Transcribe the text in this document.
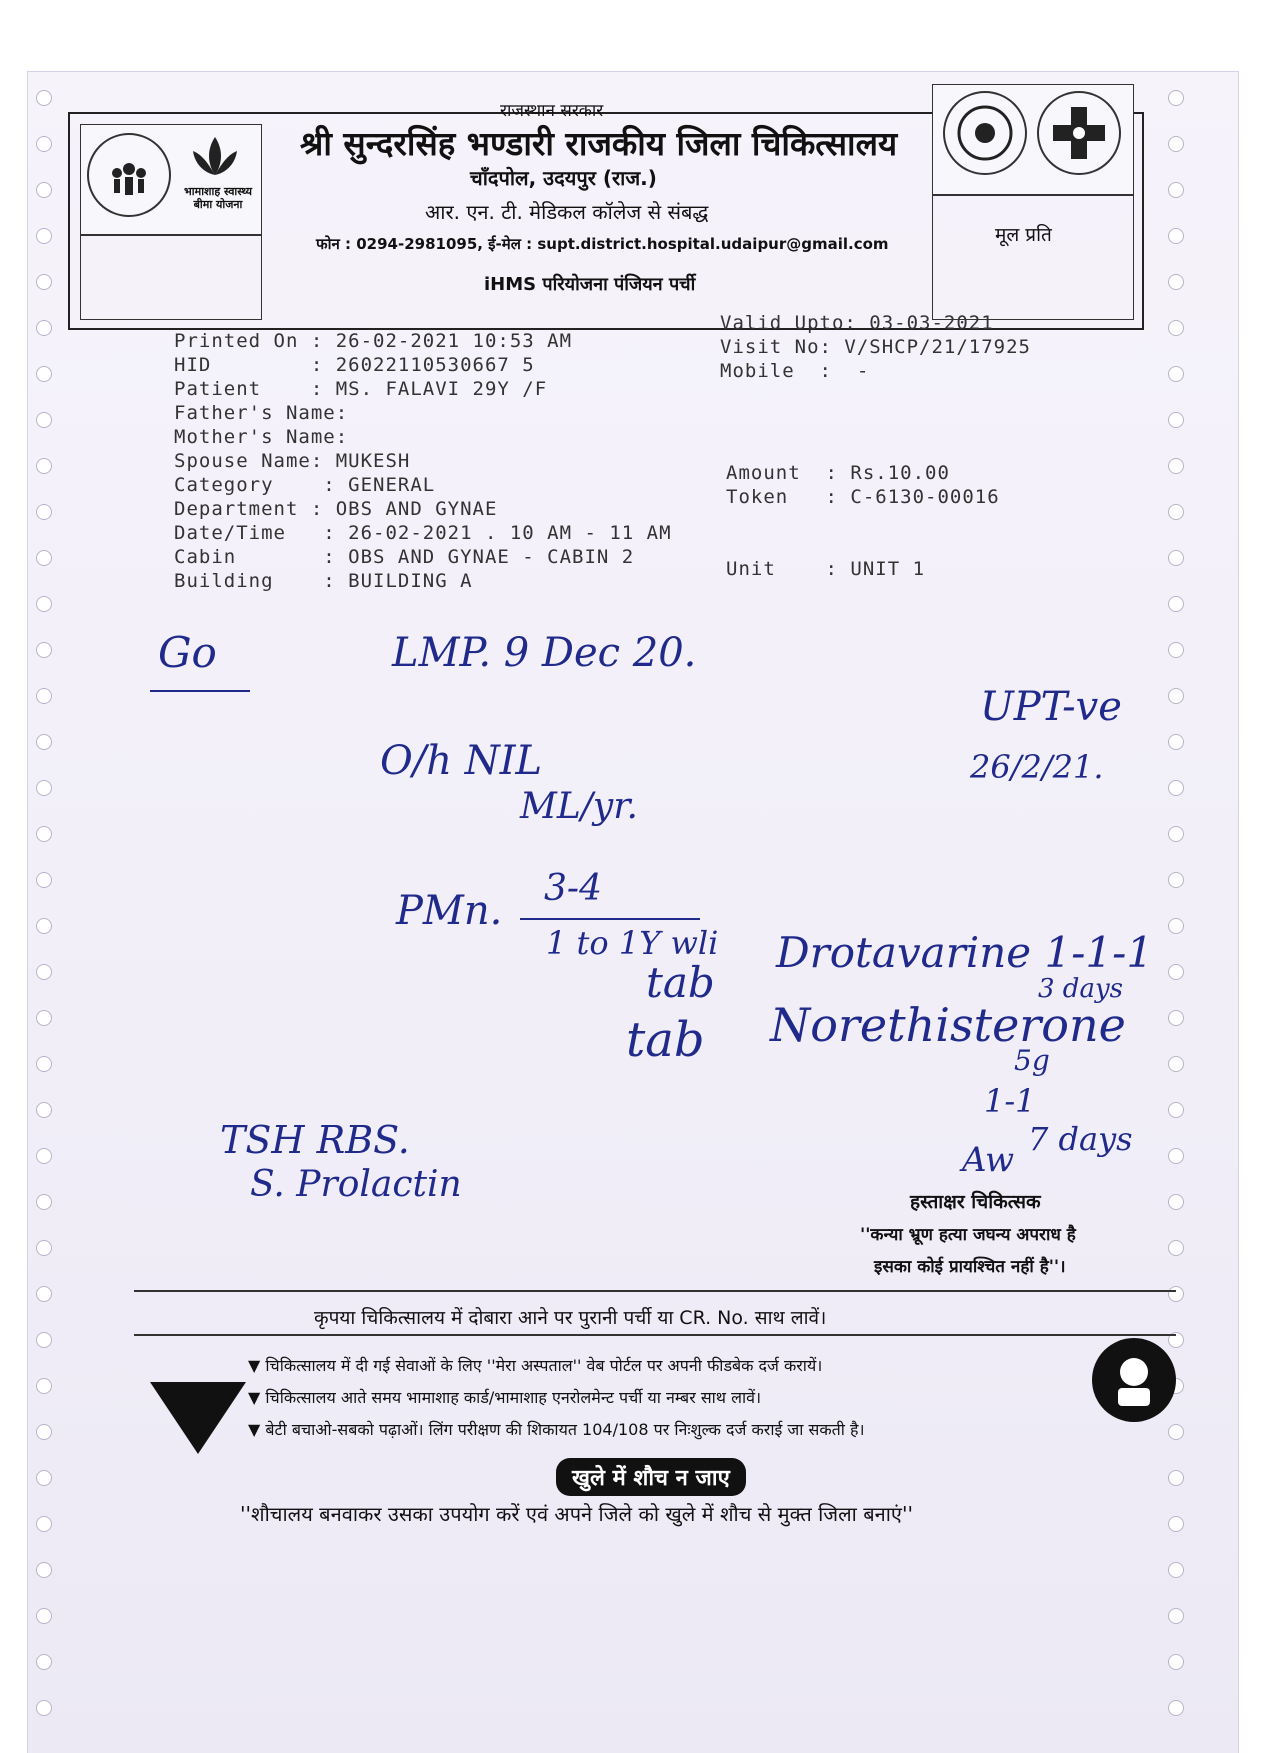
भामाशाह स्वास्थ्य बीमा योजना
राजस्थान सरकार
श्री सुन्दरसिंह भण्डारी राजकीय जिला चिकित्सालय
चाँदपोल, उदयपुर (राज.)
आर. एन. टी. मेडिकल कॉलेज से संबद्ध
फोन : 0294-2981095, ई-मेल : supt.district.hospital.udaipur@gmail.com
iHMS परियोजना पंजियन पर्ची
मूल प्रति
Printed On : 26-02-2021 10:53 AM
HID        : 26022110530667 5
Patient    : MS. FALAVI 29Y /F
Father's Name:
Mother's Name:
Spouse Name: MUKESH
Category    : GENERAL
Department : OBS AND GYNAE
Date/Time   : 26-02-2021 . 10 AM - 11 AM
Cabin       : OBS AND GYNAE - CABIN 2
Building    : BUILDING A
Valid Upto: 03-03-2021
Visit No: V/SHCP/21/17925
Mobile  :  -
Amount  : Rs.10.00
Token   : C-6130-00016
Unit    : UNIT 1
Go	LMP. 9 Dec 20.
UPT-ve
26/2/21.
O/h NIL
ML/yr.
PMn. 3-4
1 to 1Y wli
tab
Drotavarine 1-1-1
3 days
tab Norethisterone
5g
1-1
7 days
TSH RBS.
S. Prolactin
Aw
हस्ताक्षर चिकित्सक
''कन्या भ्रूण हत्या जघन्य अपराध है
इसका कोई प्रायश्चित नहीं है''।
कृपया चिकित्सालय में दोबारा आने पर पुरानी पर्ची या CR. No. साथ लावें।
▼ चिकित्सालय में दी गई सेवाओं के लिए ''मेरा अस्पताल'' वेब पोर्टल पर अपनी फीडबेक दर्ज करायें।
▼ चिकित्सालय आते समय भामाशाह कार्ड/भामाशाह एनरोलमेन्ट पर्ची या नम्बर साथ लावें।
▼ बेटी बचाओ-सबको पढ़ाओं। लिंग परीक्षण की शिकायत 104/108 पर निःशुल्क दर्ज कराई जा सकती है।
खुले में शौच न जाए
''शौचालय बनवाकर उसका उपयोग करें एवं अपने जिले को खुले में शौच से मुक्त जिला बनाएं''
